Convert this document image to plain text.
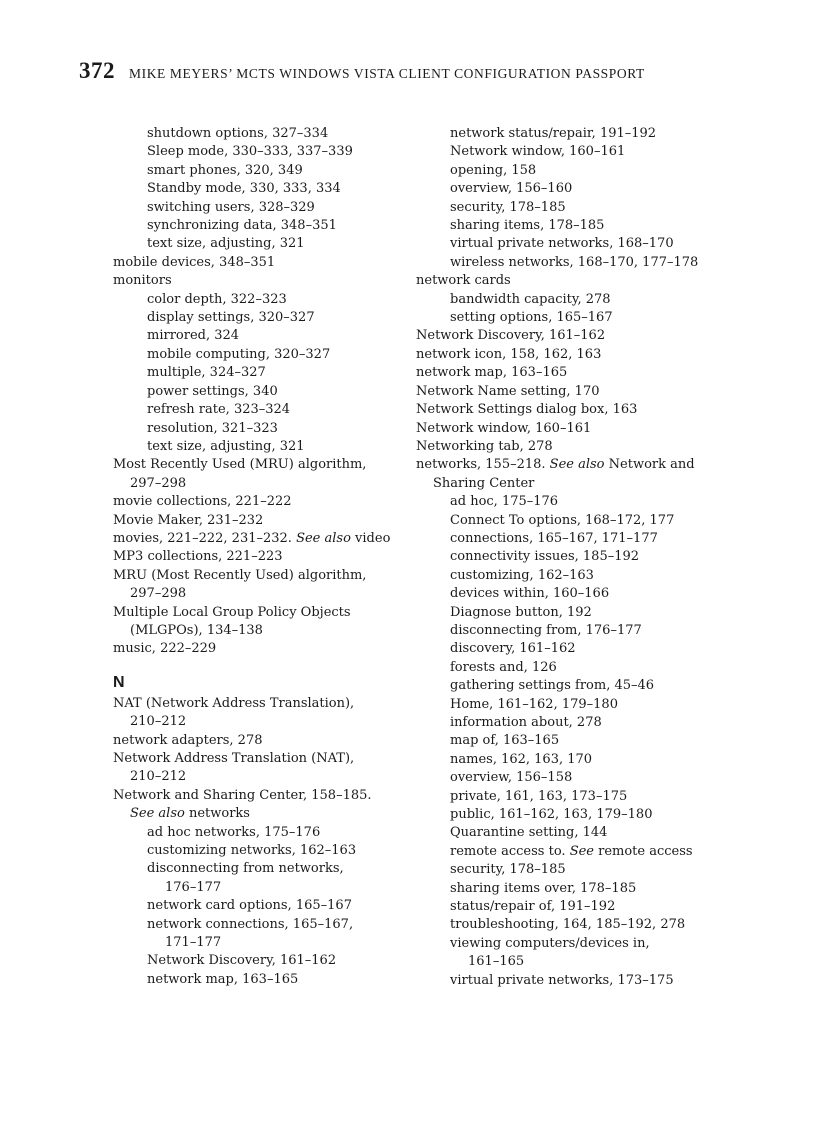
372 MIKE MEYERS’ MCTS WINDOWS VISTA CLIENT CONFIGURATION PASSPORT
shutdown options, 327–334
Sleep mode, 330–333, 337–339
smart phones, 320, 349
Standby mode, 330, 333, 334
switching users, 328–329
synchronizing data, 348–351
text size, adjusting, 321
mobile devices, 348–351
monitors
color depth, 322–323
display settings, 320–327
mirrored, 324
mobile computing, 320–327
multiple, 324–327
power settings, 340
refresh rate, 323–324
resolution, 321–323
text size, adjusting, 321
Most Recently Used (MRU) algorithm,
297–298
movie collections, 221–222
Movie Maker, 231–232
movies, 221–222, 231–232. See also video
MP3 collections, 221–223
MRU (Most Recently Used) algorithm,
297–298
Multiple Local Group Policy Objects
(MLGPOs), 134–138
music, 222–229
N
NAT (Network Address Translation),
210–212
network adapters, 278
Network Address Translation (NAT),
210–212
Network and Sharing Center, 158–185.
See also networks
ad hoc networks, 175–176
customizing networks, 162–163
disconnecting from networks,
176–177
network card options, 165–167
network connections, 165–167,
171–177
Network Discovery, 161–162
network map, 163–165
network status/repair, 191–192
Network window, 160–161
opening, 158
overview, 156–160
security, 178–185
sharing items, 178–185
virtual private networks, 168–170
wireless networks, 168–170, 177–178
network cards
bandwidth capacity, 278
setting options, 165–167
Network Discovery, 161–162
network icon, 158, 162, 163
network map, 163–165
Network Name setting, 170
Network Settings dialog box, 163
Network window, 160–161
Networking tab, 278
networks, 155–218. See also Network and
Sharing Center
ad hoc, 175–176
Connect To options, 168–172, 177
connections, 165–167, 171–177
connectivity issues, 185–192
customizing, 162–163
devices within, 160–166
Diagnose button, 192
disconnecting from, 176–177
discovery, 161–162
forests and, 126
gathering settings from, 45–46
Home, 161–162, 179–180
information about, 278
map of, 163–165
names, 162, 163, 170
overview, 156–158
private, 161, 163, 173–175
public, 161–162, 163, 179–180
Quarantine setting, 144
remote access to. See remote access
security, 178–185
sharing items over, 178–185
status/repair of, 191–192
troubleshooting, 164, 185–192, 278
viewing computers/devices in,
161–165
virtual private networks, 173–175
